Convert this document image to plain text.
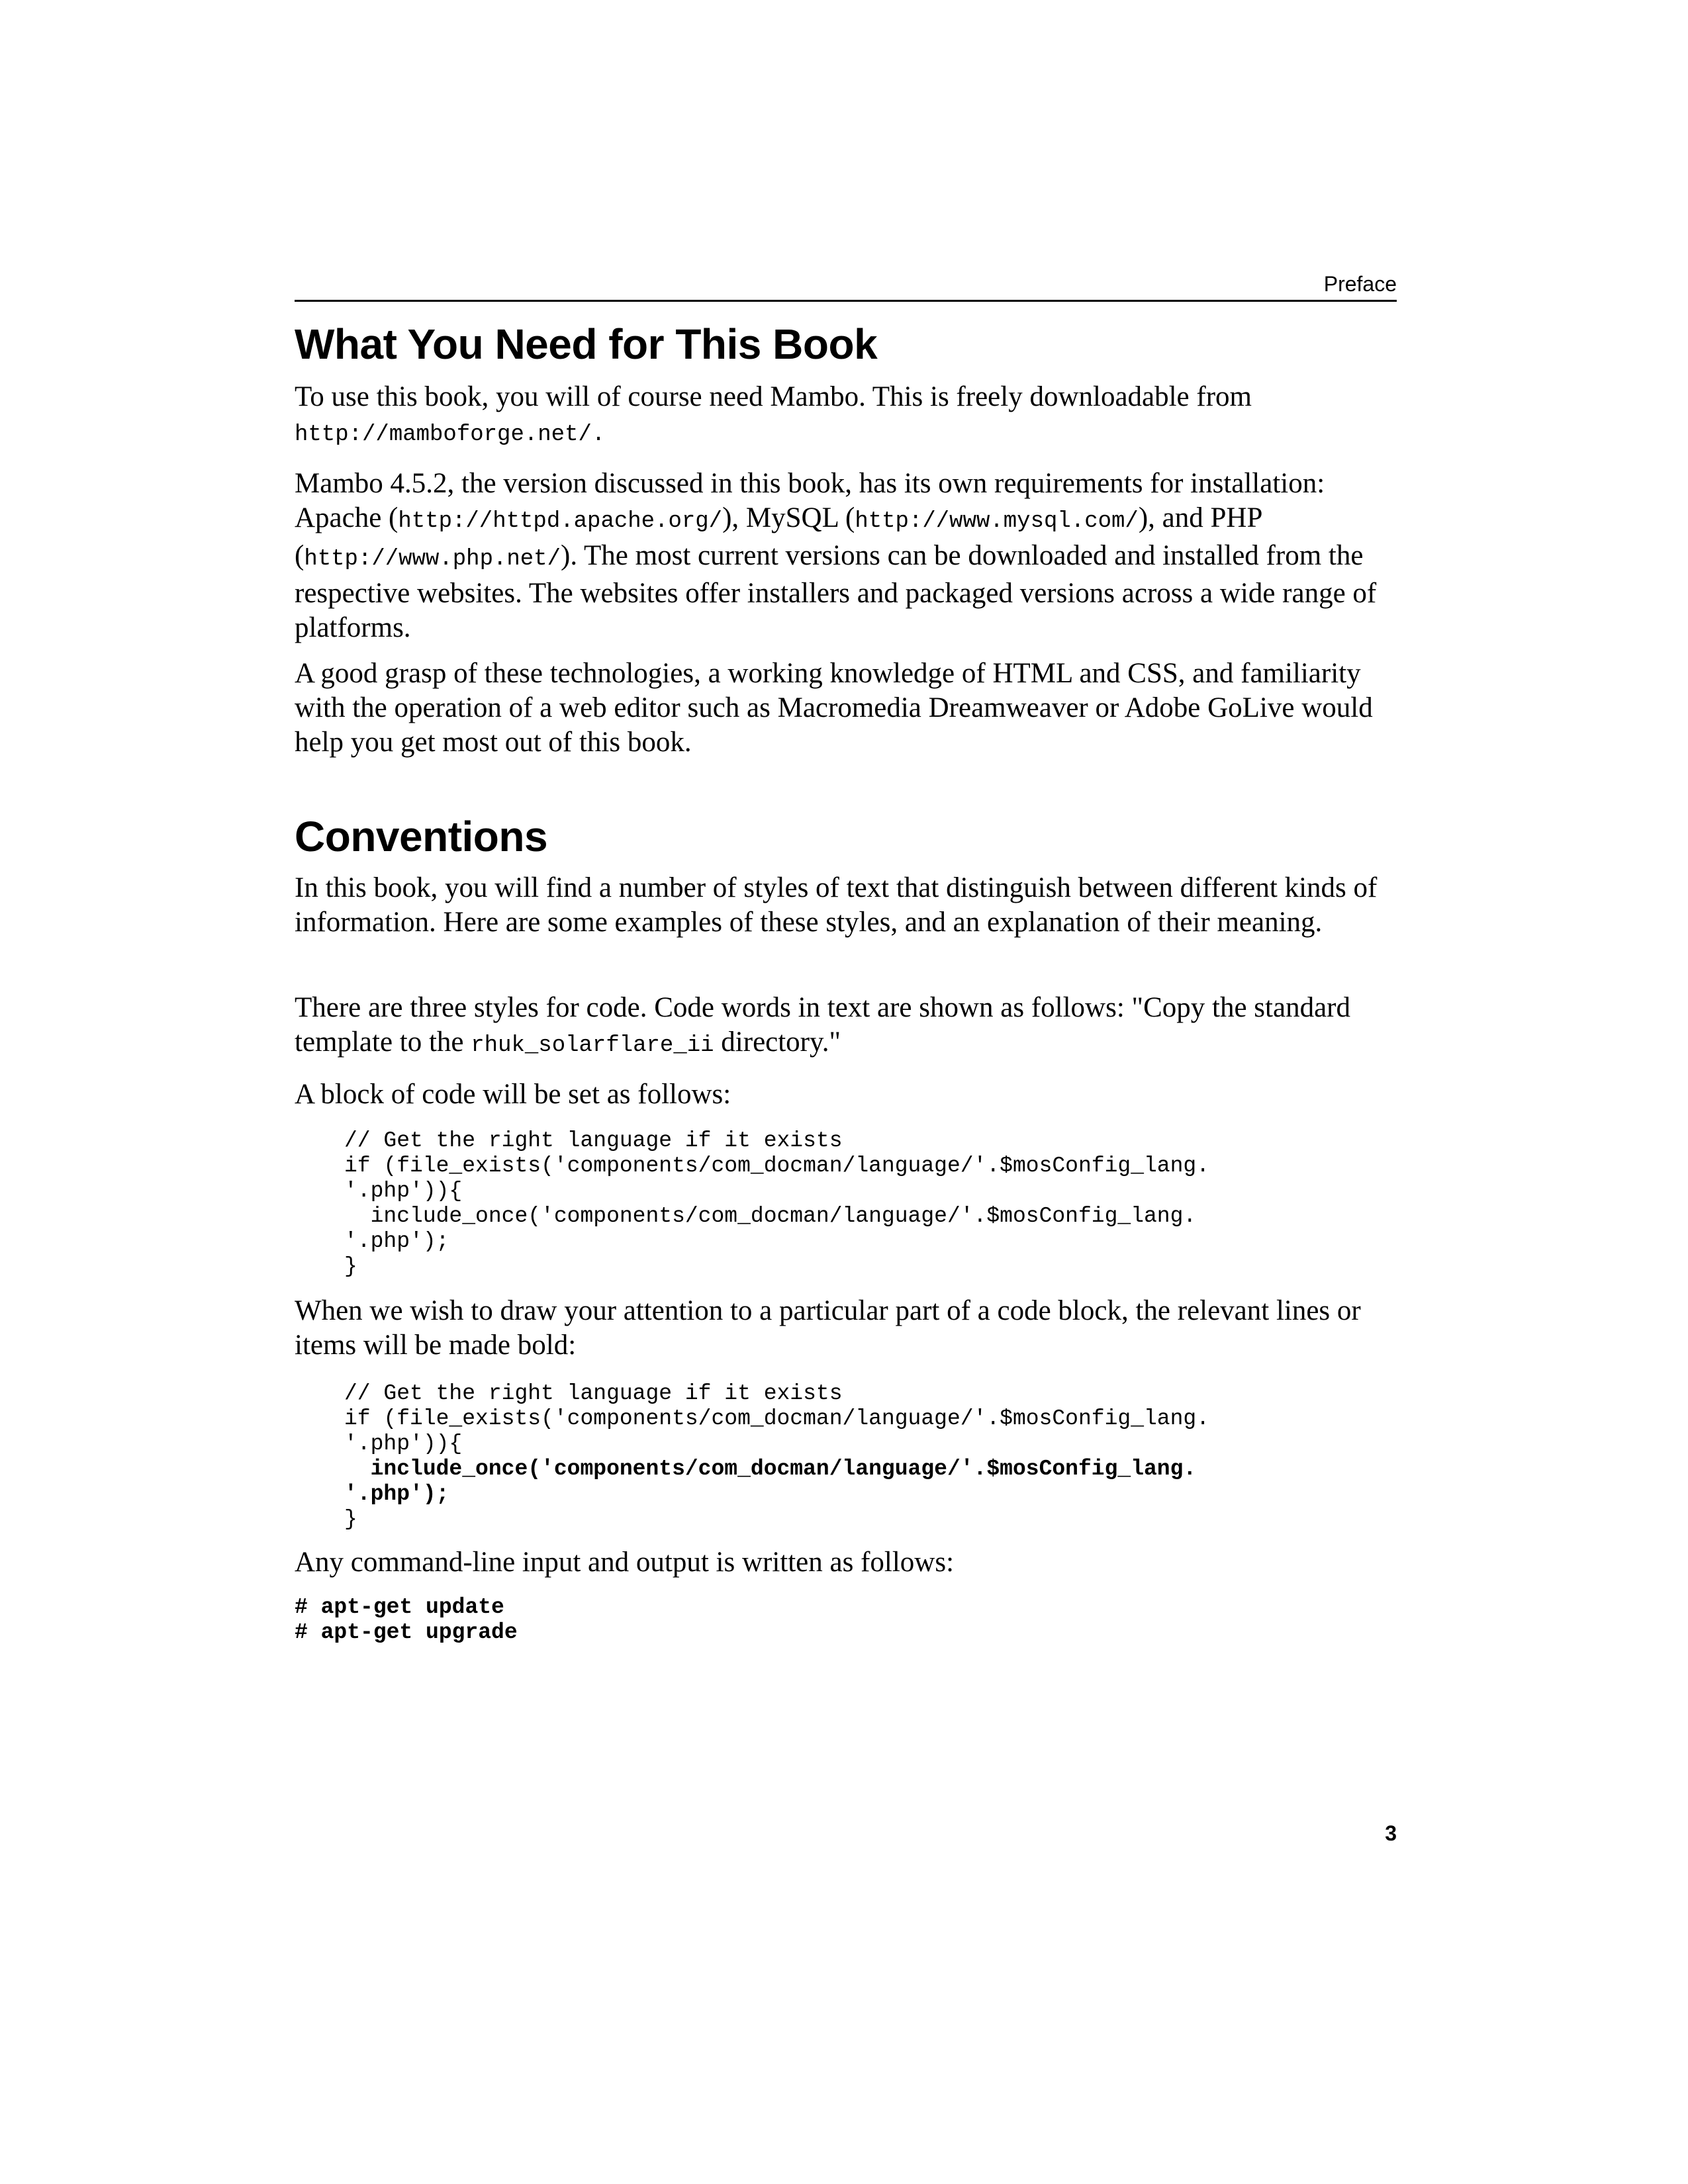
Preface
What You Need for This Book

To use this book, you will of course need Mambo. This is freely downloadable from
http://mamboforge.net/.

Mambo 4.5.2, the version discussed in this book, has its own requirements for installation:
Apache (http://httpd.apache.org/), MySQL (http://www.mysql.com/), and PHP
(http://www.php.net/). The most current versions can be downloaded and installed from the respective websites. The websites offer installers and packaged versions across a wide range of platforms.

A good grasp of these technologies, a working knowledge of HTML and CSS, and familiarity with the operation of a web editor such as Macromedia Dreamweaver or Adobe GoLive would help you get most out of this book.

Conventions

In this book, you will find a number of styles of text that distinguish between different kinds of information. Here are some examples of these styles, and an explanation of their meaning.

There are three styles for code. Code words in text are shown as follows: "Copy the standard template to the rhuk_solarflare_ii directory."

A block of code will be set as follows:

// Get the right language if it exists
if (file_exists('components/com_docman/language/'.$mosConfig_lang.
'.php')){
include_once('components/com_docman/language/'.$mosConfig_lang.
'.php');
}

When we wish to draw your attention to a particular part of a code block, the relevant lines or items will be made bold:

// Get the right language if it exists
if (file_exists('components/com_docman/language/'.$mosConfig_lang.
'.php')){
include_once('components/com_docman/language/'.$mosConfig_lang.
'.php');
}

Any command-line input and output is written as follows:

# apt-get update
# apt-get upgrade
3
